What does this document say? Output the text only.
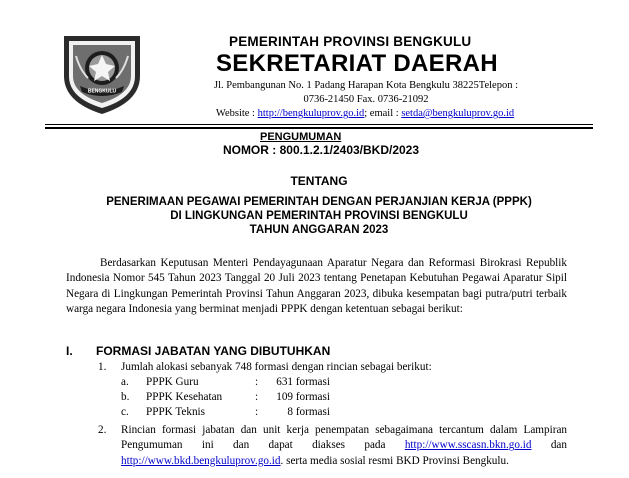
BENGKULU
PEMERINTAH PROVINSI BENGKULU
SEKRETARIAT DAERAH
Jl. Pembangunan No. 1 Padang Harapan Kota Bengkulu 38225Telepon :
0736-21450 Fax. 0736-21092
Website : http://bengkuluprov.go.id; email : setda@bengkuluprov.go.id
PENGUMUMAN
NOMOR : 800.1.2.1/2403/BKD/2023
TENTANG
PENERIMAAN PEGAWAI PEMERINTAH DENGAN PERJANJIAN KERJA (PPPK)
DI LINGKUNGAN PEMERINTAH PROVINSI BENGKULU
TAHUN ANGGARAN 2023
Berdasarkan Keputusan Menteri Pendayagunaan Aparatur Negara dan Reformasi Birokrasi Republik Indonesia Nomor 545 Tahun 2023 Tanggal 20 Juli 2023 tentang Penetapan Kebutuhan Pegawai Aparatur Sipil Negara di Lingkungan Pemerintah Provinsi Tahun Anggaran 2023, dibuka kesempatan bagi putra/putri terbaik warga negara Indonesia yang berminat menjadi PPPK dengan ketentuan sebagai berikut:
I. FORMASI JABATAN YANG DIBUTUHKAN
1. Jumlah alokasi sebanyak 748 formasi dengan rincian sebagai berikut:
a. PPPK Guru	:	631 formasi
b. PPPK Kesehatan	:	109 formasi
c. PPPK Teknis	:	8 formasi
2. Rincian formasi jabatan dan unit kerja penempatan sebagaimana tercantum dalam Lampiran Pengumuman ini dan dapat diakses pada http://www.sscasn.bkn.go.id dan http://www.bkd.bengkuluprov.go.id. serta media sosial resmi BKD Provinsi Bengkulu.
